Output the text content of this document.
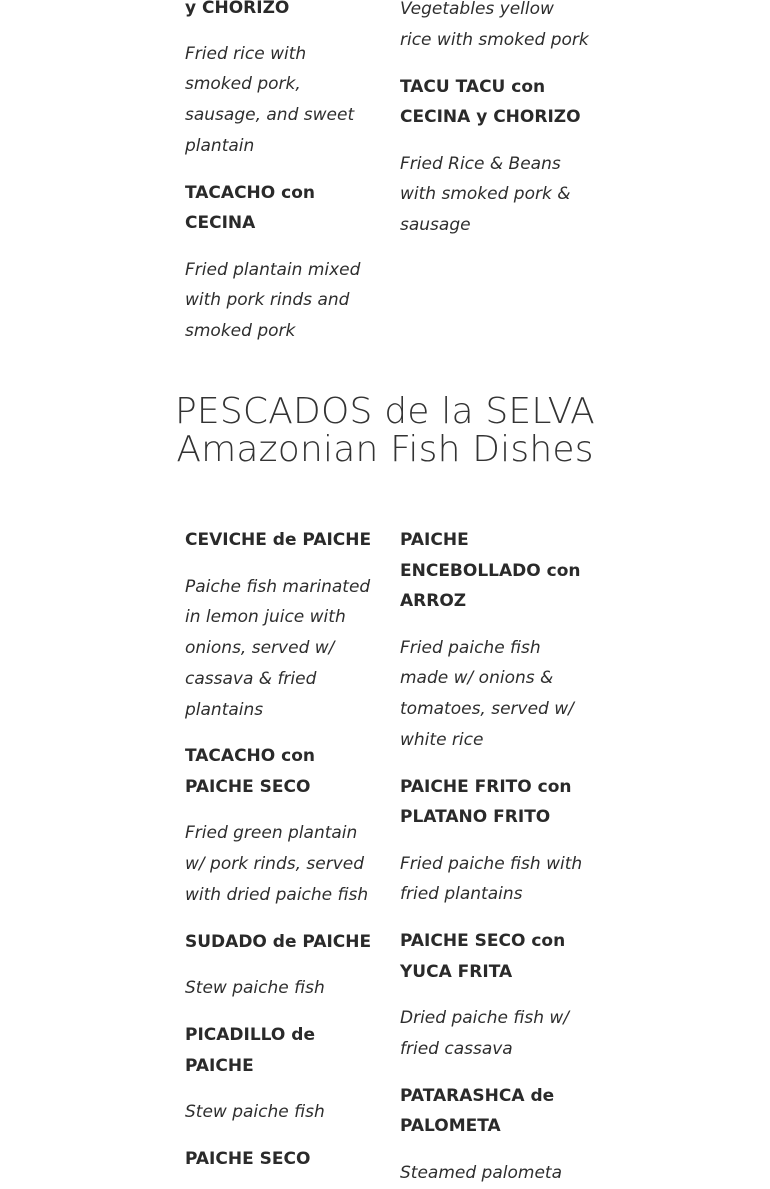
y CHORIZO

Fried rice with smoked pork, sausage, and sweet plantain

TACACHO con CECINA

Fried plantain mixed with pork rinds and smoked pork

Vegetables yellow rice with smoked pork

TACU TACU con CECINA y CHORIZO

Fried Rice & Beans with smoked pork & sausage

PESCADOS de la SELVA
Amazonian Fish Dishes

CEVICHE de PAICHE

Paiche fish marinated in lemon juice with onions, served w/ cassava & fried plantains

TACACHO con PAICHE SECO

Fried green plantain w/ pork rinds, served with dried paiche fish

SUDADO de PAICHE

Stew paiche fish

PICADILLO de PAICHE

Stew paiche fish

PAICHE SECO

PAICHE ENCEBOLLADO con ARROZ

Fried paiche fish made w/ onions & tomatoes, served w/ white rice

PAICHE FRITO con PLATANO FRITO

Fried paiche fish with fried plantains

PAICHE SECO con YUCA FRITA

Dried paiche fish w/ fried cassava

PATARASHCA de PALOMETA

Steamed palometa
